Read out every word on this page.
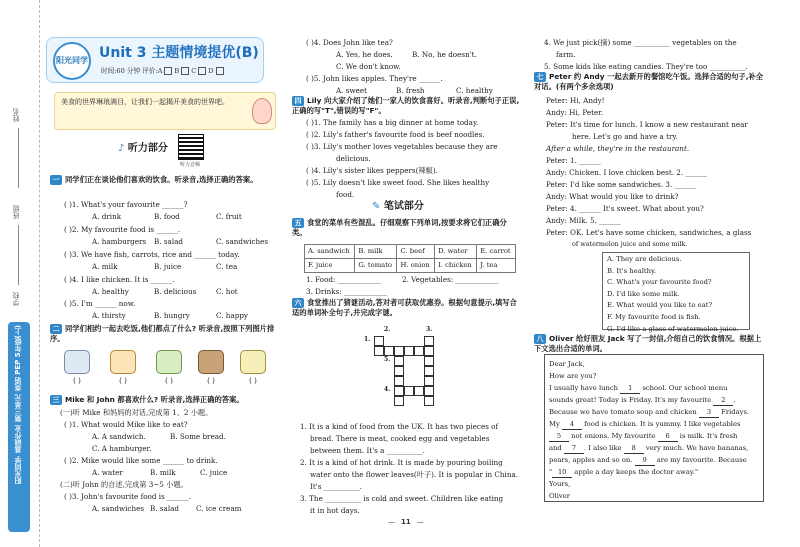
姓名
班级
学校
英语 PEP 5年级(上)
第三单元
基础作业
阳光同学
阳光同学 Unit 3 主题情境提优(B)
时间:60 分钟 评价:A B C D
美食的世界琳琅满目，让我们一起揭开美食的世界吧。
♪ 听力部分
听力音频
一 同学们正在谈论他们喜欢的饮食。听录音,选择正确的答案。
( )1. What's your favourite ______?
A. drink	B. food	C. fruit
( )2. My favourite food is ______.
A. hamburgers B. salad	C. sandwiches
( )3. We have fish, carrots, rice and ______ today.
A. milk	B. juice	C. tea
( )4. I like chicken. It is ______.
A. healthy	B. delicious	C. hot
( )5. I'm ______ now.
A. thirsty	B. hungry	C. happy
二 同学们相约一起去吃饭,他们都点了什么? 听录音,按照下列图片排序。
( )	( )	( )	( )	( )
三 Mike 和 John 都喜欢什么? 听录音,选择正确的答案。
(一)听 Mike 和妈妈的对话,完成第 1、2 小题。
( )1. What would Mike like to eat?
A. A sandwich.	B. Some bread.
C. A hamburger.
( )2. Mike would like some ______ to drink.
A. water	B. milk	C. juice
(二)听 John 的自述,完成第 3~5 小题。
( )3. John's favourite food is ______.
A. sandwiches B. salad C. ice cream
( )4. Does John like tea?
A. Yes, he does.	B. No, he doesn't.
C. We don't know.
( )5. John likes apples. They're ______.
A. sweet	B. fresh	C. healthy
四 Lily 向大家介绍了她们一家人的饮食喜好。听录音,判断句子正误,正确的写"T",错误的写"F"。
( )1. The family has a big dinner at home today.
( )2. Lily's father's favourite food is beef noodles.
( )3. Lily's mother loves vegetables because they are
delicious.
( )4. Lily's sister likes peppers(辣椒).
( )5. Lily doesn't like sweet food. She likes healthy
food.
✎ 笔试部分
五 食堂的菜单有些混乱。仔细观察下列单词,按要求将它们正确分类。
A. sandwich	B. milk	C. beef	D. water	E. carrot
F. juice	G. tomato	H. onion	I. chicken	J. tea
1. Food: ____________	2. Vegetables: ____________
3. Drinks: ____________
六 食堂推出了猜谜活动,答对者可获取优惠券。根据句意提示,填写合适的单词补全句子,并完成字谜。
1.
2.	3.
4.
5.
1. It is a kind of food from the UK. It has two pieces of
bread. There is meat, cooked egg and vegetables
between them. It's a __________.
2. It is a kind of hot drink. It is made by pouring boiling
water onto the flower leaves(叶子). It is popular in China.
It's __________.
3. The __________ is cold and sweet. Children like eating
it in hot days.
4. We just pick(摘) some __________ vegetables on the
farm.
5. Some kids like eating candies. They're too __________.
七 Peter 约 Andy 一起去新开的餐馆吃午饭。选择合适的句子,补全对话。(有两个多余选项)
Peter: Hi, Andy!
Andy: Hi, Peter.
Peter: It's time for lunch. I know a new restaurant near
here. Let's go and have a try.
After a while, they're in the restaurant.
Peter: 1. ______
Andy: Chicken. I love chicken best. 2. ______
Peter: I'd like some sandwiches. 3. ______
Andy: What would you like to drink?
Peter: 4. ______ It's sweet. What about you?
Andy: Milk. 5. ______
Peter: OK. Let's have some chicken, sandwiches, a glass
of watermelon juice and some milk.
A. They are delicious.
B. It's healthy.
C. What's your favourite food?
D. I'd like some milk.
E. What would you like to eat?
F. My favourite food is fish.
G. I'd like a glass of watermelon juice.
八 Oliver 给好朋友 Jack 写了一封信,介绍自己的饮食情况。根据上下文选出合适的单词。
Dear Jack,
How are you?
I usually have lunch 1 school. Our school menu
sounds great! Today is Friday. It's my favourite 2 .
Because we have tomato soup and chicken 3 Fridays.
My 4 food is chicken. It is yummy. I like vegetables
5 not onions. My favourite 6 is milk. It's fresh
and 7 . I also like 8 very much. We have bananas,
pears, apples and so on. 9 are my favourite. Because
" 10 apple a day keeps the doctor away."
Yours,
Oliver
— 11 —
